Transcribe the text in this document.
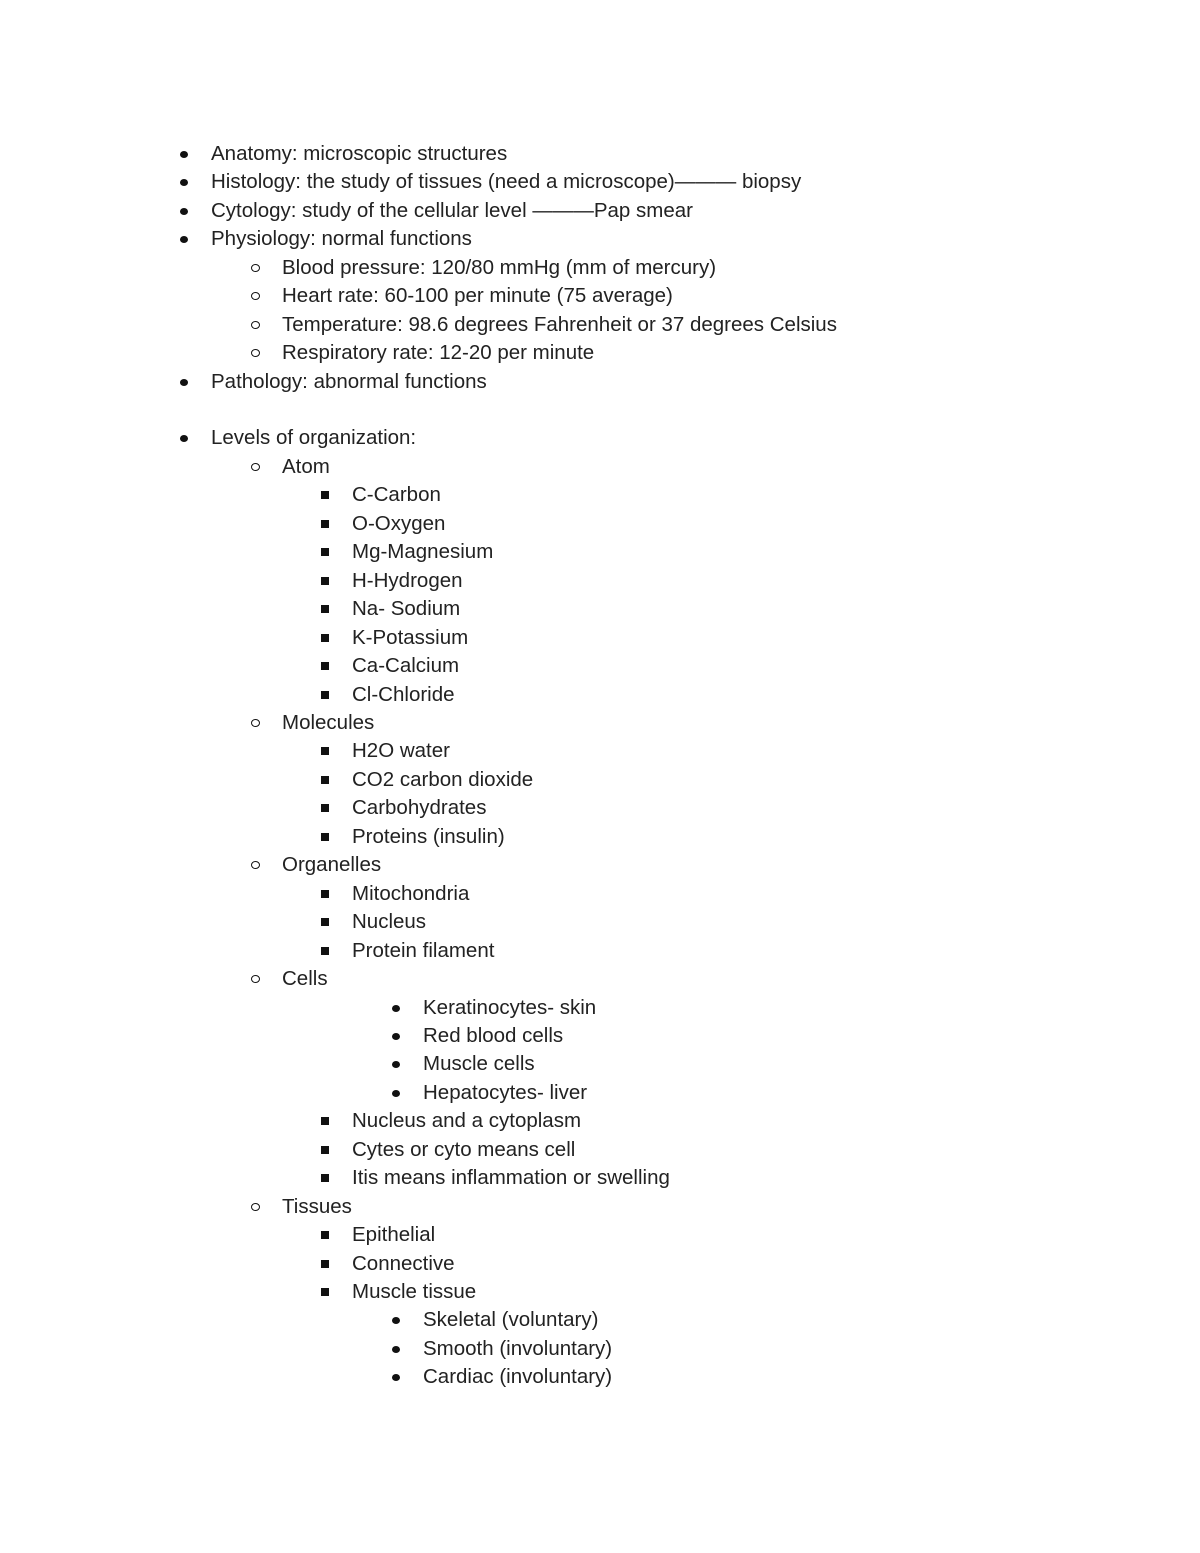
Anatomy: microscopic structures
Histology: the study of tissues (need a microscope)——— biopsy
Cytology: study of the cellular level ———Pap smear
Physiology: normal functions
Blood pressure: 120/80 mmHg (mm of mercury)
Heart rate: 60-100 per minute (75 average)
Temperature: 98.6 degrees Fahrenheit or 37 degrees Celsius
Respiratory rate: 12-20 per minute
Pathology: abnormal functions
Levels of organization:
Atom
C-Carbon
O-Oxygen
Mg-Magnesium
H-Hydrogen
Na- Sodium
K-Potassium
Ca-Calcium
Cl-Chloride
Molecules
H2O water
CO2 carbon dioxide
Carbohydrates
Proteins (insulin)
Organelles
Mitochondria
Nucleus
Protein filament
Cells
Keratinocytes- skin
Red blood cells
Muscle cells
Hepatocytes- liver
Nucleus and a cytoplasm
Cytes or cyto means cell
Itis means inflammation or swelling
Tissues
Epithelial
Connective
Muscle tissue
Skeletal (voluntary)
Smooth (involuntary)
Cardiac (involuntary)
